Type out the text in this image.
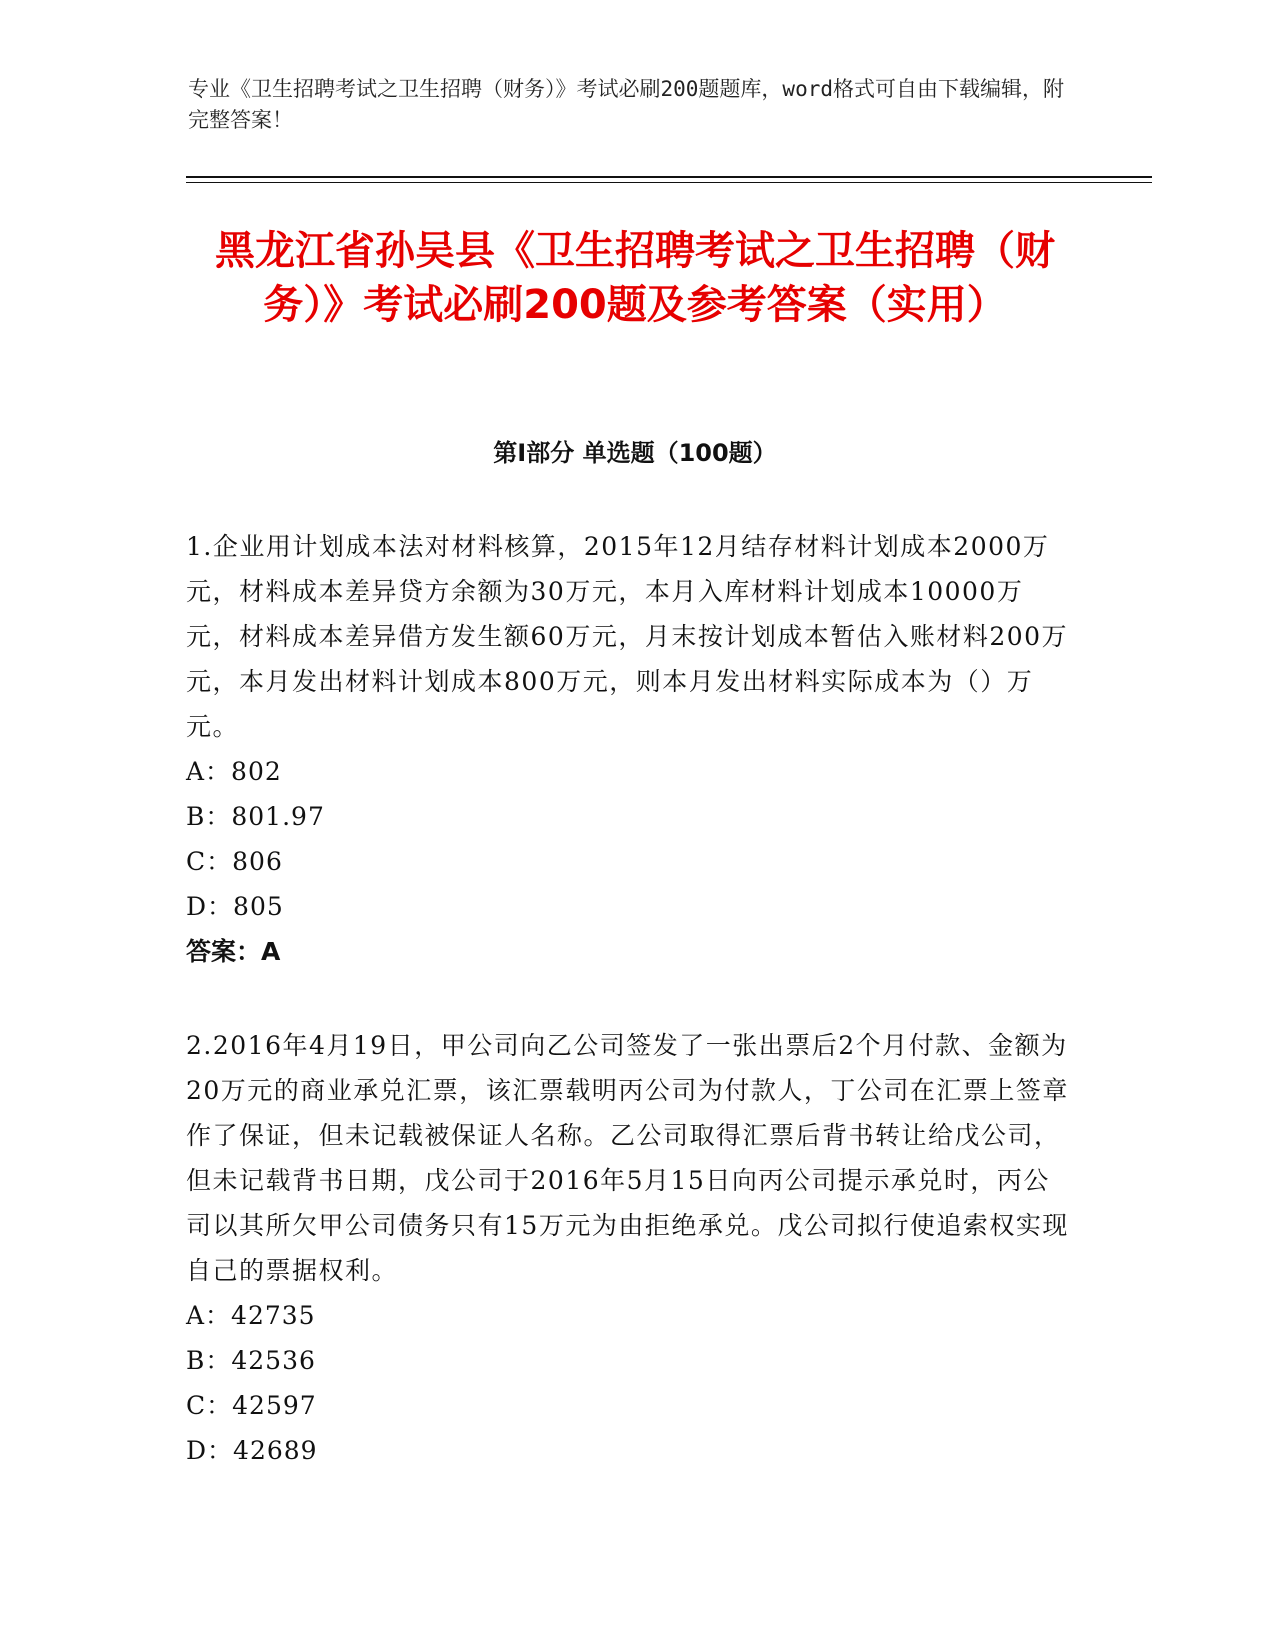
专业《卫生招聘考试之卫生招聘（财务）》考试必刷200题题库，word格式可自由下载编辑，附完整答案！
黑龙江省孙吴县《卫生招聘考试之卫生招聘（财务）》考试必刷200题及参考答案（实用）
第I部分 单选题（100题）

1.企业用计划成本法对材料核算，2015年12月结存材料计划成本2000万元，材料成本差异贷方余额为30万元，本月入库材料计划成本10000万元，材料成本差异借方发生额60万元，月末按计划成本暂估入账材料200万元，本月发出材料计划成本800万元，则本月发出材料实际成本为（）万元。

A：802

B：801.97

C：806

D：805

答案：A

2.2016年4月19日，甲公司向乙公司签发了一张出票后2个月付款、金额为20万元的商业承兑汇票，该汇票载明丙公司为付款人，丁公司在汇票上签章作了保证，但未记载被保证人名称。乙公司取得汇票后背书转让给戊公司，但未记载背书日期，戊公司于2016年5月15日向丙公司提示承兑时，丙公司以其所欠甲公司债务只有15万元为由拒绝承兑。戊公司拟行使追索权实现自己的票据权利。

A：42735

B：42536

C：42597

D：42689
